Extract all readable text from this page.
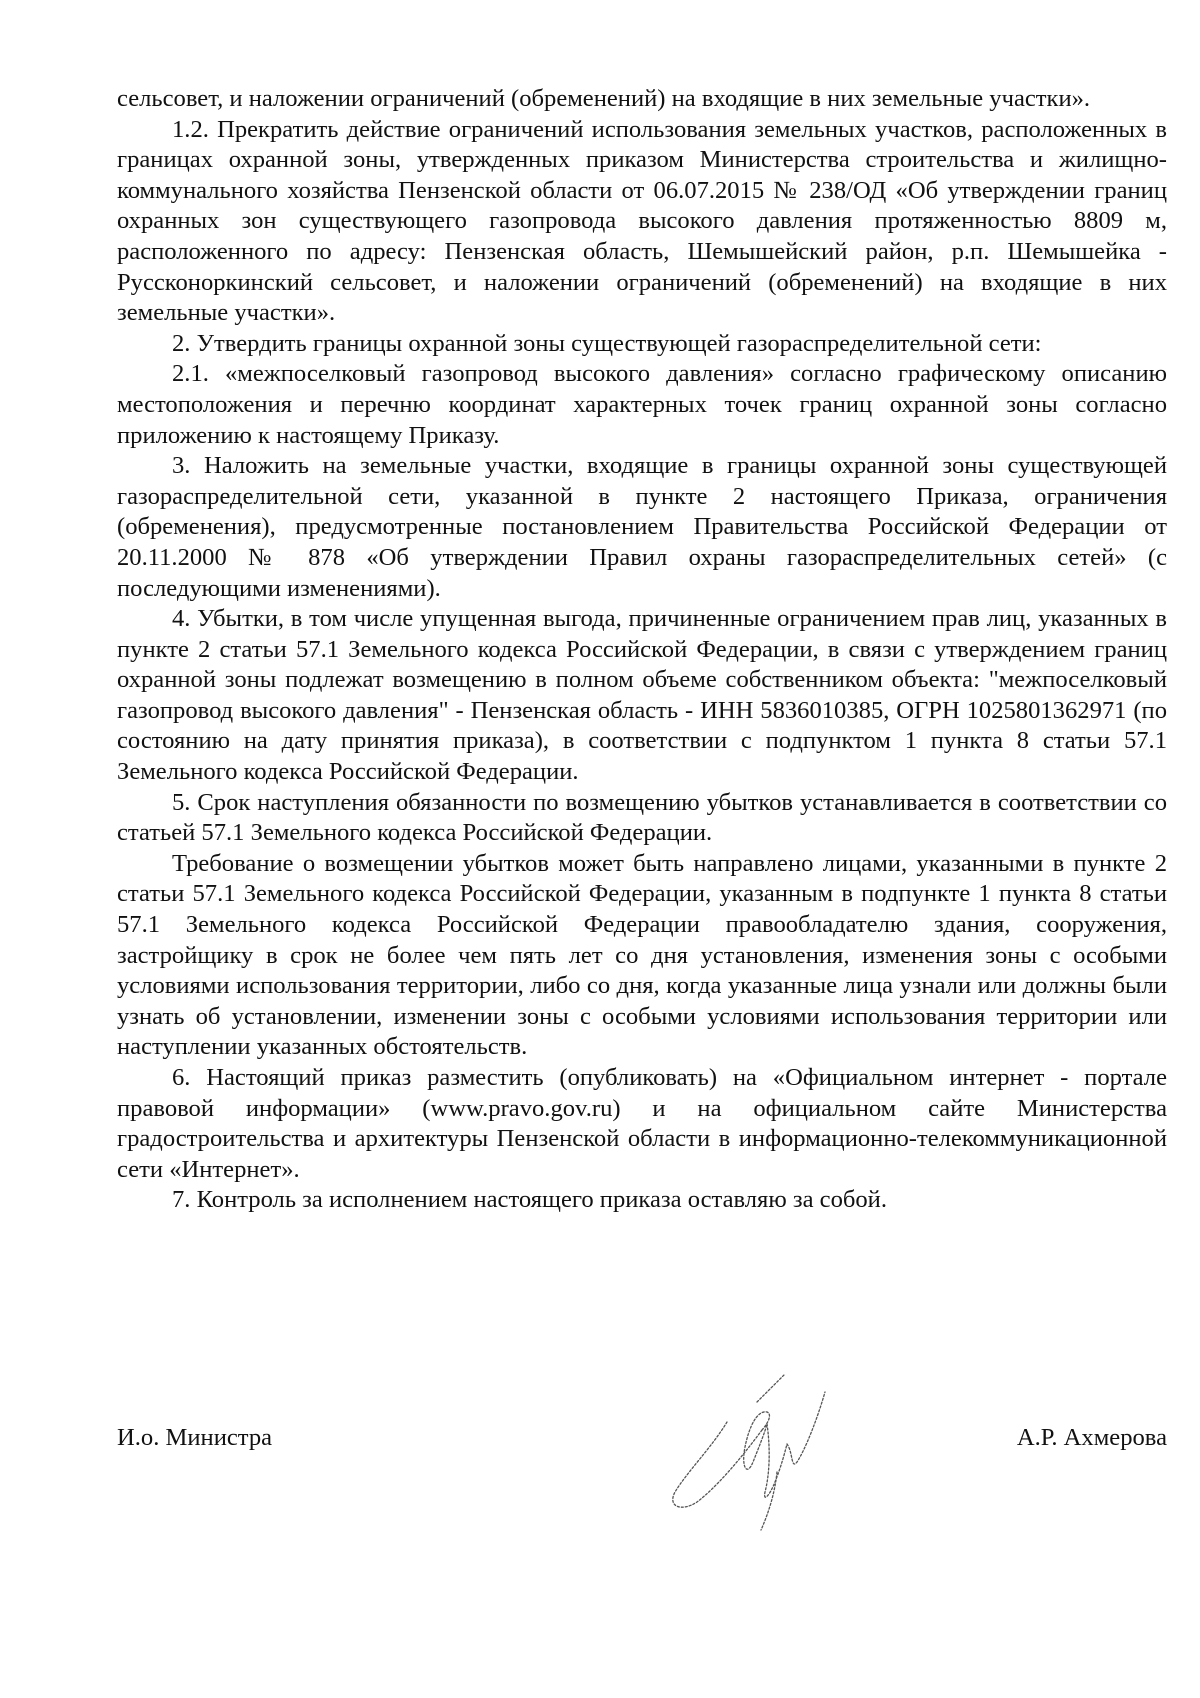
сельсовет, и наложении ограничений (обременений) на входящие в них земельные участки».

1.2. Прекратить действие ограничений использования земельных участков, расположенных в границах охранной зоны, утвержденных приказом Министерства строительства и жилищно-коммунального хозяйства Пензенской области от 06.07.2015 № 238/ОД «Об утверждении границ охранных зон существующего газопровода высокого давления протяженностью 8809 м, расположенного по адресу: Пензенская область, Шемышейский район, р.п. Шемышейка - Руссконоркинский сельсовет, и наложении ограничений (обременений) на входящие в них земельные участки».

2. Утвердить границы охранной зоны существующей газораспределительной сети:

2.1. «межпоселковый газопровод высокого давления» согласно графическому описанию местоположения и перечню координат характерных точек границ охранной зоны согласно приложению к настоящему Приказу.

3. Наложить на земельные участки, входящие в границы охранной зоны существующей газораспределительной сети, указанной в пункте 2 настоящего Приказа, ограничения (обременения), предусмотренные постановлением Правительства Российской Федерации от 20.11.2000 № 878 «Об утверждении Правил охраны газораспределительных сетей» (с последующими изменениями).

4. Убытки, в том числе упущенная выгода, причиненные ограничением прав лиц, указанных в пункте 2 статьи 57.1 Земельного кодекса Российской Федерации, в связи с утверждением границ охранной зоны подлежат возмещению в полном объеме собственником объекта: "межпоселковый газопровод высокого давления" - Пензенская область - ИНН 5836010385, ОГРН 1025801362971 (по состоянию на дату принятия приказа), в соответствии с подпунктом 1 пункта 8 статьи 57.1 Земельного кодекса Российской Федерации.

5. Срок наступления обязанности по возмещению убытков устанавливается в соответствии со статьей 57.1 Земельного кодекса Российской Федерации.

Требование о возмещении убытков может быть направлено лицами, указанными в пункте 2 статьи 57.1 Земельного кодекса Российской Федерации, указанным в подпункте 1 пункта 8 статьи 57.1 Земельного кодекса Российской Федерации правообладателю здания, сооружения, застройщику в срок не более чем пять лет со дня установления, изменения зоны с особыми условиями использования территории, либо со дня, когда указанные лица узнали или должны были узнать об установлении, изменении зоны с особыми условиями использования территории или наступлении указанных обстоятельств.

6. Настоящий приказ разместить (опубликовать) на «Официальном интернет - портале правовой информации» (www.pravo.gov.ru) и на официальном сайте Министерства градостроительства и архитектуры Пензенской области в информационно-телекоммуникационной сети «Интернет».

7. Контроль за исполнением настоящего приказа оставляю за собой.

И.о. Министра	А.Р. Ахмерова
